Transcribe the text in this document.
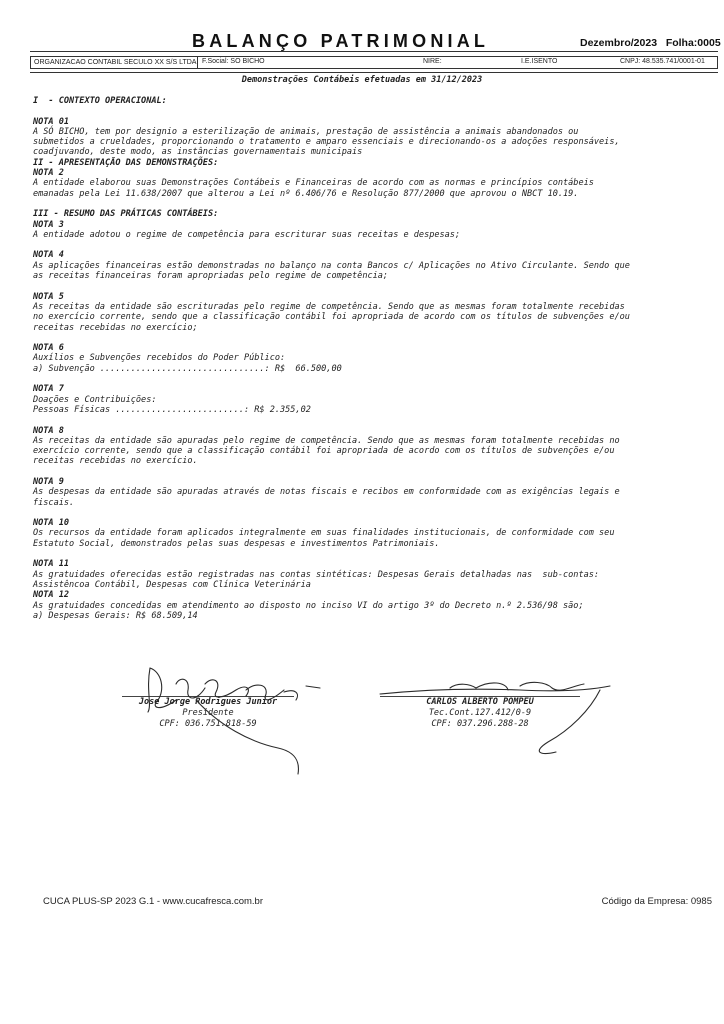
BALANÇO PATRIMONIAL	Dezembro/2023 Folha:0005
ORGANIZACAO CONTABIL SECULO XX S/S LTDA F.Social: SO BICHO	NIRE:	I.E.ISENTO	CNPJ: 48.535.741/0001-01
Demonstrações Contábeis efetuadas em 31/12/2023

I  - CONTEXTO OPERACIONAL:

NOTA 01

A SÓ BICHO, tem por designio a esterilização de animais, prestação de assistência a animais abandonados ou

submetidos a crueldades, proporcionando o tratamento e amparo essenciais e direcionando-os a adoções responsáveis,

coadjuvando, deste modo, as instâncias governamentais municipais

II - APRESENTAÇÃO DAS DEMONSTRAÇÕES:

NOTA 2

A entidade elaborou suas Demonstrações Contábeis e Financeiras de acordo com as normas e princípios contábeis

emanadas pela Lei 11.638/2007 que alterou a Lei nº 6.406/76 e Resolução 877/2000 que aprovou o NBCT 10.19.

III - RESUMO DAS PRÁTICAS CONTÁBEIS:

NOTA 3

A entidade adotou o regime de competência para escriturar suas receitas e despesas;

NOTA 4

As aplicações financeiras estão demonstradas no balanço na conta Bancos c/ Aplicações no Ativo Circulante. Sendo que

as receitas financeiras foram apropriadas pelo regime de competência;

NOTA 5

As receitas da entidade são escrituradas pelo regime de competência. Sendo que as mesmas foram totalmente recebidas

no exercício corrente, sendo que a classificação contábil foi apropriada de acordo com os títulos de subvenções e/ou

receitas recebidas no exercício;

NOTA 6

Auxílios e Subvenções recebidos do Poder Público:

a) Subvenção ................................: R$  66.500,00

NOTA 7

Doações e Contribuições:

Pessoas Físicas .........................: R$ 2.355,02

NOTA 8

As receitas da entidade são apuradas pelo regime de competência. Sendo que as mesmas foram totalmente recebidas no

exercício corrente, sendo que a classificação contábil foi apropriada de acordo com os títulos de subvenções e/ou

receitas recebidas no exercício.

NOTA 9

As despesas da entidade são apuradas através de notas fiscais e recibos em conformidade com as exigências legais e

fiscais.

NOTA 10

Os recursos da entidade foram aplicados integralmente em suas finalidades institucionais, de conformidade com seu

Estatuto Social, demonstrados pelas suas despesas e investimentos Patrimoniais.

NOTA 11

As gratuidades oferecidas estão registradas nas contas sintéticas: Despesas Gerais detalhadas nas  sub-contas:

Assistêncoa Contábil, Despesas com Clínica Veterinária

NOTA 12

As gratuidades concedidas em atendimento ao disposto no inciso VI do artigo 3º do Decreto n.º 2.536/98 são;

a) Despesas Gerais: R$ 68.509,14

Jose Jorge Rodrigues Junior
Presidente
CPF: 036.751.818-59
CARLOS ALBERTO POMPEU
Tec.Cont.127.412/0-9
CPF: 037.296.288-28
CUCA PLUS-SP 2023 G.1 - www.cucafresca.com.br	Código da Empresa: 0985
